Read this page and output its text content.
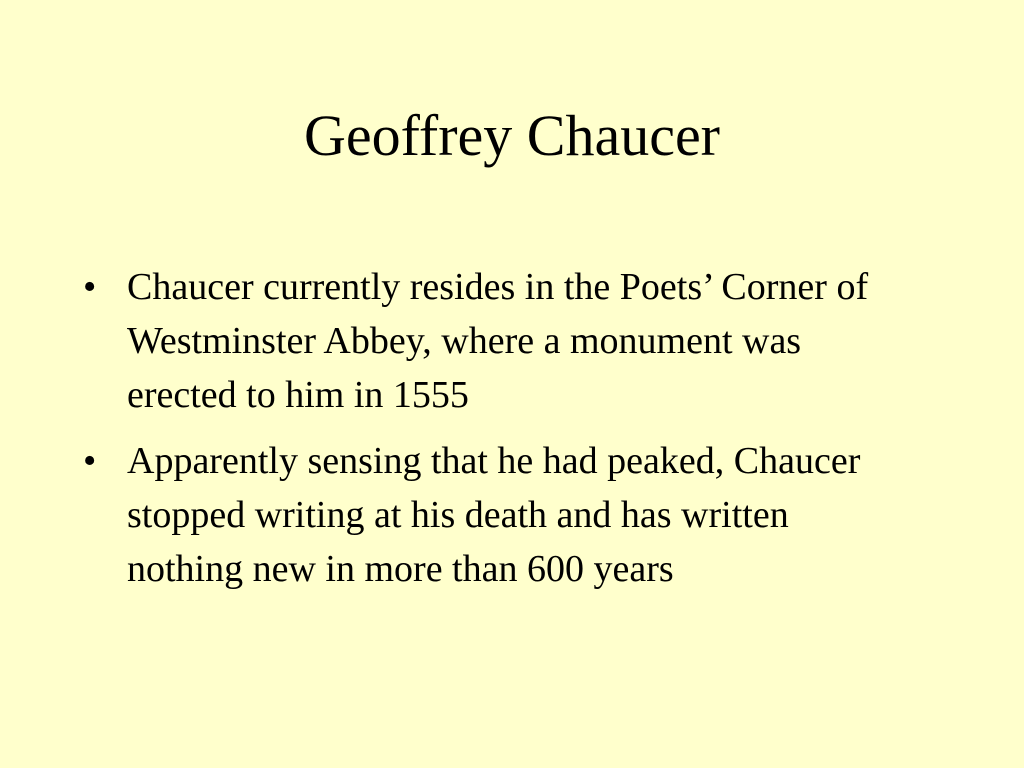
Geoffrey Chaucer
• Chaucer currently resides in the Poets’ Corner of Westminster Abbey, where a monument was erected to him in 1555
• Apparently sensing that he had peaked, Chaucer stopped writing at his death and has written nothing new in more than 600 years
